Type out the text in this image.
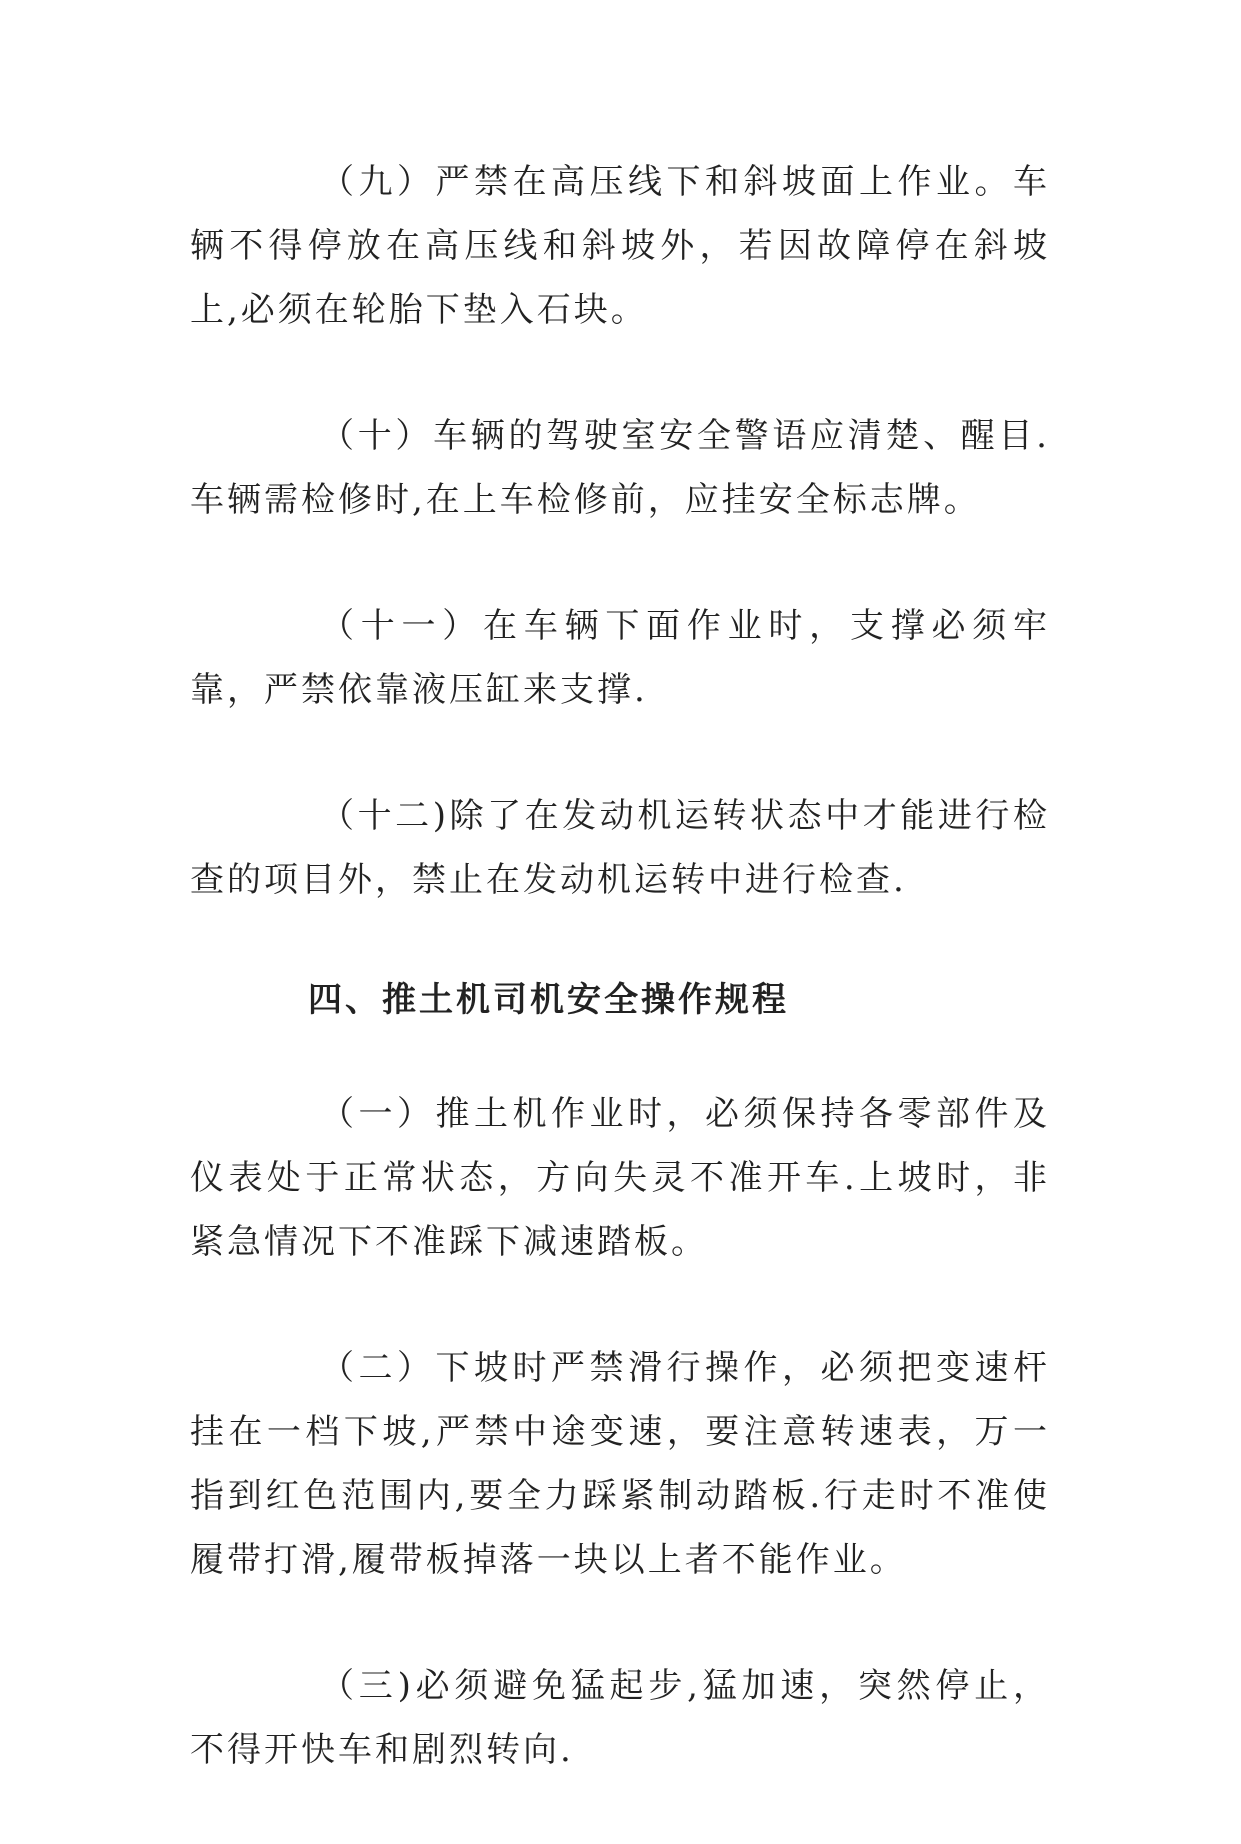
（九）严禁在高压线下和斜坡面上作业。车辆不得停放在高压线和斜坡外，若因故障停在斜坡上,必须在轮胎下垫入石块。

（十）车辆的驾驶室安全警语应清楚、醒目.车辆需检修时,在上车检修前，应挂安全标志牌。

（十一）在车辆下面作业时，支撑必须牢靠，严禁依靠液压缸来支撑.

（十二)除了在发动机运转状态中才能进行检查的项目外，禁止在发动机运转中进行检查.

四、推土机司机安全操作规程

（一）推土机作业时，必须保持各零部件及仪表处于正常状态，方向失灵不准开车.上坡时，非紧急情况下不准踩下减速踏板。

（二）下坡时严禁滑行操作，必须把变速杆挂在一档下坡,严禁中途变速，要注意转速表，万一指到红色范围内,要全力踩紧制动踏板.行走时不准使履带打滑,履带板掉落一块以上者不能作业。

（三)必须避免猛起步,猛加速，突然停止，不得开快车和剧烈转向.
